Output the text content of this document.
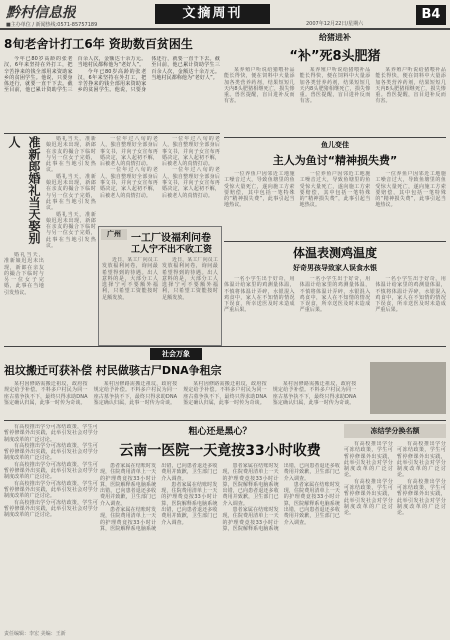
黔村信息报
■主办单位 / 新闻热线:0571-85757189
文摘周刊
2007年12月22日/星期六
B4
8旬老舍计打工6年 资助数百贫困生

今年已80岁高龄的张老汉，6年来坚持在外打工，把辛苦挣来的钱全部用来资助家乡的贫困学生。他说，只要身体还行，就要一直干下去。截至目前，他已累计资助学生三百余人次，金额达十余万元。当地村民都称他为“老好人”。

今年已80岁高龄的张老汉，6年来坚持在外打工，把辛苦挣来的钱全部用来资助家乡的贫困学生。他说，只要身体还行，就要一直干下去。截至目前，他已累计资助学生三百余人次，金额达十余万元。当地村民都称他为“老好人”。

准新郎婚礼当天娶别人	婚礼当天，准新娘迟迟未出现，新郎在亲友的撮合下临时与另一位女子完婚，此事在当地引发热议。

婚礼当天，准新娘迟迟未出现，新郎在亲友的撮合下临时与另一位女子完婚，此事在当地引发热议。

婚礼当天，准新娘迟迟未出现，新郎在亲友的撮合下临时与另一位女子完婚，此事在当地引发热议。

婚礼当天，准新娘迟迟未出现，新郎在亲友的撮合下临时与另一位女子完婚，此事在当地引发热议。

一位年过八旬的老人，独自整理好全部身后事文书，并向子女宣布再婚决定，家人起初不解，后被老人的真情打动。

一位年过八旬的老人，独自整理好全部身后事文书，并向子女宣布再婚决定，家人起初不解，后被老人的真情打动。

一位年过八旬的老人，独自整理好全部身后事文书，并向子女宣布再婚决定，家人起初不解，后被老人的真情打动。

一位年过八旬的老人，独自整理好全部身后事文书，并向子女宣布再婚决定，家人起初不解，后被老人的真情打动。

广州	一工厂设福利问卷
工人宁不出不收工资

近日，某工厂向员工发放福利问卷，询问最希望得到的待遇。出人意料的是，大部分工人选择宁可不要额外福利，只希望工资能按时足额发放。

近日，某工厂向员工发放福利问卷，询问最希望得到的待遇。出人意料的是，大部分工人选择宁可不要额外福利，只希望工资能按时足额发放。

给猪进补
“补”死8头肥猪

某养殖户听说给猪喂补品能长得快，便在饲料中大量添加各类营养药剂，结果短短几天内8头肥猪相继死亡，损失惨重。兽医提醒，盲目进补反而有害。

某养殖户听说给猪喂补品能长得快，便在饲料中大量添加各类营养药剂，结果短短几天内8头肥猪相继死亡，损失惨重。兽医提醒，盲目进补反而有害。

某养殖户听说给猪喂补品能长得快，便在饲料中大量添加各类营养药剂，结果短短几天内8头肥猪相继死亡，损失惨重。兽医提醒，盲目进补反而有害。

鱼儿变佳
主人为鱼讨“精神损失费”

一位养鱼户因邻近工地施工噪音过大，导致鱼塘里的鱼受惊大量死亡，遂向施工方索要赔偿，其中包括一笔特殊的“精神损失费”，此事引起当地热议。

一位养鱼户因邻近工地施工噪音过大，导致鱼塘里的鱼受惊大量死亡，遂向施工方索要赔偿，其中包括一笔特殊的“精神损失费”，此事引起当地热议。

一位养鱼户因邻近工地施工噪音过大，导致鱼塘里的鱼受惊大量死亡，遂向施工方索要赔偿，其中包括一笔特殊的“精神损失费”，此事引起当地热议。

体温表测鸡温度
好奇男孩导致家人误食水银

一名小学生出于好奇，用体温计给家里的鸡测量体温，不慎将体温计弄碎，水银混入鸡食中，家人在不知情的情况下误食，所幸送医及时未造成严重后果。

一名小学生出于好奇，用体温计给家里的鸡测量体温，不慎将体温计弄碎，水银混入鸡食中，家人在不知情的情况下误食，所幸送医及时未造成严重后果。

一名小学生出于好奇，用体温计给家里的鸡测量体温，不慎将体温计弄碎，水银混入鸡食中，家人在不知情的情况下误食，所幸送医及时未造成严重后果。

社会万象
祖坟搬迁可获补偿 村民做骇古尸DNA争租宗

某村因修路需搬迁祖坟，政府按规定给予补偿。不料多户村民为同一座古墓争执不下，最终只得求助DNA鉴定确认归属，此事一时传为奇谈。

某村因修路需搬迁祖坟，政府按规定给予补偿。不料多户村民为同一座古墓争执不下，最终只得求助DNA鉴定确认归属，此事一时传为奇谈。

某村因修路需搬迁祖坟，政府按规定给予补偿。不料多户村民为同一座古墓争执不下，最终只得求助DNA鉴定确认归属，此事一时传为奇谈。

某村因修路需搬迁祖坟，政府按规定给予补偿。不料多户村民为同一座古墓争执不下，最终只得求助DNA鉴定确认归属，此事一时传为奇谈。

有高校推出学分可冻结政策，学生可暂停修课外出实践，此举引发社会对学分制度改革的广泛讨论。

有高校推出学分可冻结政策，学生可暂停修课外出实践，此举引发社会对学分制度改革的广泛讨论。

有高校推出学分可冻结政策，学生可暂停修课外出实践，此举引发社会对学分制度改革的广泛讨论。

有高校推出学分可冻结政策，学生可暂停修课外出实践，此举引发社会对学分制度改革的广泛讨论。

有高校推出学分可冻结政策，学生可暂停修课外出实践，此举引发社会对学分制度改革的广泛讨论。

粗心还是黑心？
云南一医院一天竟按33小时收费

患者家属在结账时发现，住院费用清单上一天的护理费竟按33小时计算，医院解释系电脑系统出错，已向患者退还多收费用并致歉，卫生部门已介入调查。

患者家属在结账时发现，住院费用清单上一天的护理费竟按33小时计算，医院解释系电脑系统出错，已向患者退还多收费用并致歉，卫生部门已介入调查。

患者家属在结账时发现，住院费用清单上一天的护理费竟按33小时计算，医院解释系电脑系统出错，已向患者退还多收费用并致歉，卫生部门已介入调查。

患者家属在结账时发现，住院费用清单上一天的护理费竟按33小时计算，医院解释系电脑系统出错，已向患者退还多收费用并致歉，卫生部门已介入调查。

患者家属在结账时发现，住院费用清单上一天的护理费竟按33小时计算，医院解释系电脑系统出错，已向患者退还多收费用并致歉，卫生部门已介入调查。

患者家属在结账时发现，住院费用清单上一天的护理费竟按33小时计算，医院解释系电脑系统出错，已向患者退还多收费用并致歉，卫生部门已介入调查。

冻结学分换名额

有高校推出学分可冻结政策，学生可暂停修课外出实践，此举引发社会对学分制度改革的广泛讨论。

有高校推出学分可冻结政策，学生可暂停修课外出实践，此举引发社会对学分制度改革的广泛讨论。

有高校推出学分可冻结政策，学生可暂停修课外出实践，此举引发社会对学分制度改革的广泛讨论。

有高校推出学分可冻结政策，学生可暂停修课外出实践，此举引发社会对学分制度改革的广泛讨论。

责任编辑：李宏 美编：王新
